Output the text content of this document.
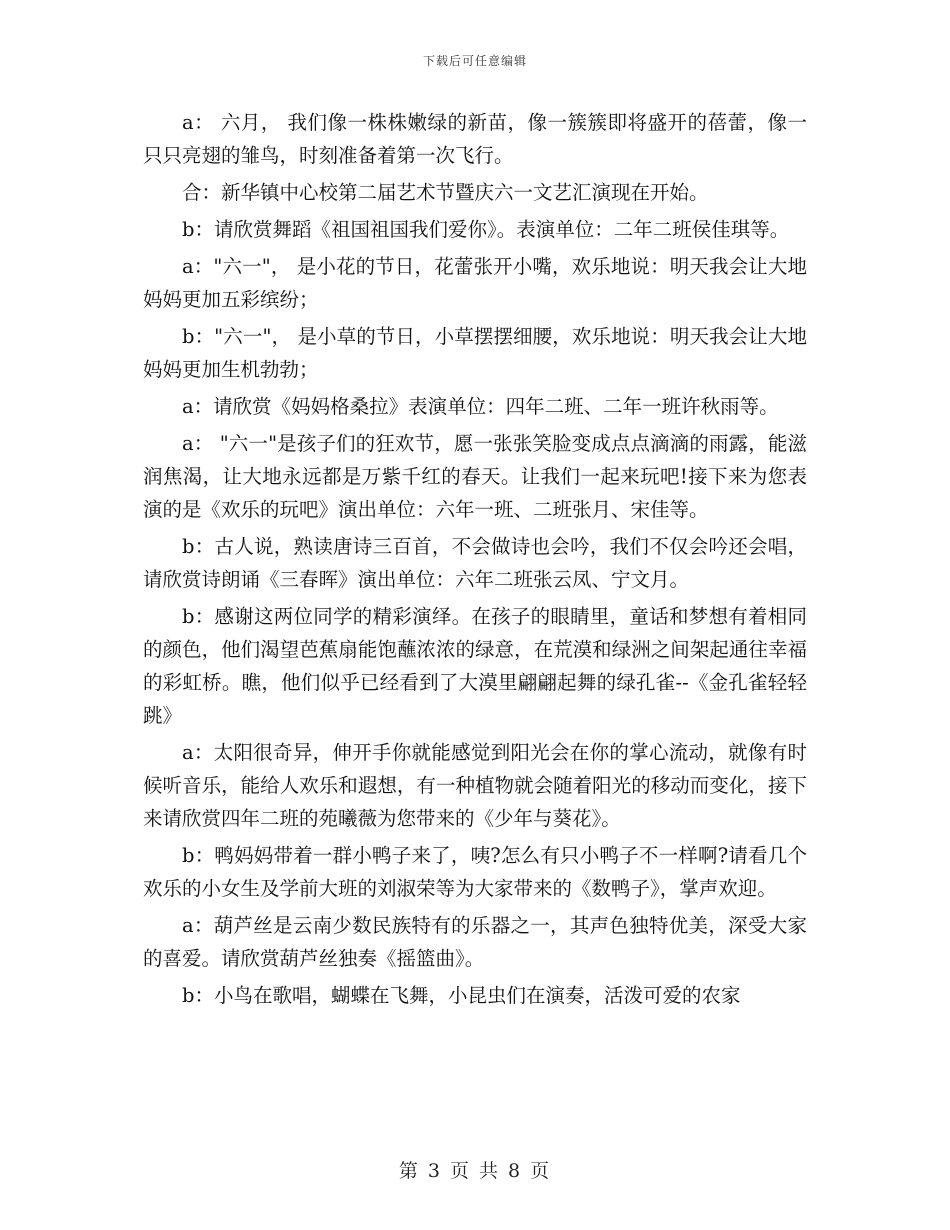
下载后可任意编辑

a： 六月， 我们像一株株嫩绿的新苗，像一簇簇即将盛开的蓓蕾，像一只只亮翅的雏鸟，时刻准备着第一次飞行。

合：新华镇中心校第二届艺术节暨庆六一文艺汇演现在开始。

b：请欣赏舞蹈《祖国祖国我们爱你》。表演单位：二年二班侯佳琪等。

a："六一"， 是小花的节日，花蕾张开小嘴，欢乐地说：明天我会让大地妈妈更加五彩缤纷；

b："六一"， 是小草的节日，小草摆摆细腰，欢乐地说：明天我会让大地妈妈更加生机勃勃；

a：请欣赏《妈妈格桑拉》表演单位：四年二班、二年一班许秋雨等。

a： "六一"是孩子们的狂欢节，愿一张张笑脸变成点点滴滴的雨露，能滋润焦渴，让大地永远都是万紫千红的春天。让我们一起来玩吧!接下来为您表演的是《欢乐的玩吧》演出单位：六年一班、二班张月、宋佳等。

b：古人说，熟读唐诗三百首，不会做诗也会吟，我们不仅会吟还会唱，请欣赏诗朗诵《三春晖》演出单位：六年二班张云凤、宁文月。

b：感谢这两位同学的精彩演绎。在孩子的眼睛里，童话和梦想有着相同的颜色，他们渴望芭蕉扇能饱蘸浓浓的绿意，在荒漠和绿洲之间架起通往幸福的彩虹桥。瞧，他们似乎已经看到了大漠里翩翩起舞的绿孔雀--《金孔雀轻轻跳》

a：太阳很奇异，伸开手你就能感觉到阳光会在你的掌心流动，就像有时候听音乐，能给人欢乐和遐想，有一种植物就会随着阳光的移动而变化，接下来请欣赏四年二班的苑曦薇为您带来的《少年与葵花》。

b：鸭妈妈带着一群小鸭子来了，咦?怎么有只小鸭子不一样啊?请看几个欢乐的小女生及学前大班的刘淑荣等为大家带来的《数鸭子》，掌声欢迎。

a：葫芦丝是云南少数民族特有的乐器之一，其声色独特优美，深受大家的喜爱。请欣赏葫芦丝独奏《摇篮曲》。

b：小鸟在歌唱，蝴蝶在飞舞，小昆虫们在演奏，活泼可爱的农家

第 3 页 共 8 页
